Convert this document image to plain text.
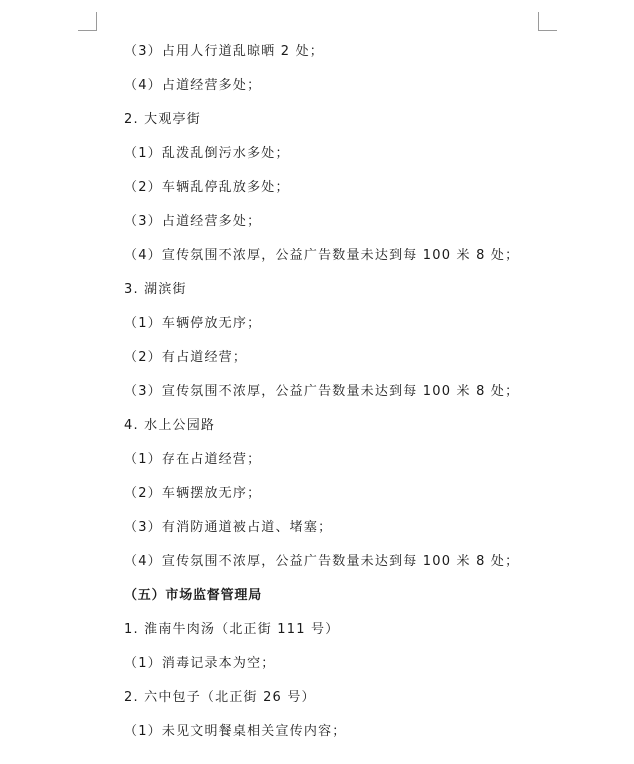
（3）占用人行道乱晾晒 2 处；
（4）占道经营多处；
2. 大观亭街
（1）乱泼乱倒污水多处；
（2）车辆乱停乱放多处；
（3）占道经营多处；
（4）宣传氛围不浓厚，公益广告数量未达到每 100 米 8 处；
3. 湖滨街
（1）车辆停放无序；
（2）有占道经营；
（3）宣传氛围不浓厚，公益广告数量未达到每 100 米 8 处；
4. 水上公园路
（1）存在占道经营；
（2）车辆摆放无序；
（3）有消防通道被占道、堵塞；
（4）宣传氛围不浓厚，公益广告数量未达到每 100 米 8 处；
（五）市场监督管理局
1. 淮南牛肉汤（北正街 111 号）
（1）消毒记录本为空；
2. 六中包子（北正街 26 号）
（1）未见文明餐桌相关宣传内容；
